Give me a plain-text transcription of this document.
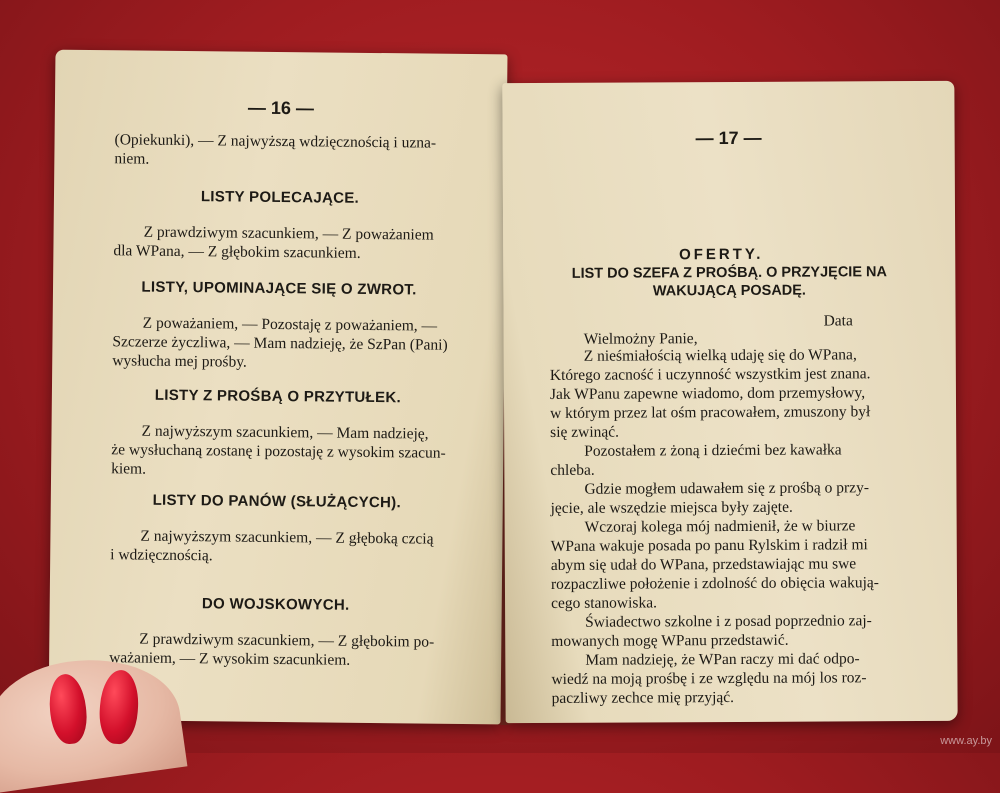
— 16 —
(Opiekunki), — Z najwyższą wdzięcznością i uzna-
niem.
LISTY POLECAJĄCE.
Z prawdziwym szacunkiem, — Z poważaniem
dla WPana, — Z głębokim szacunkiem.
LISTY, UPOMINAJĄCE SIĘ O ZWROT.
Z poważaniem, — Pozostaję z poważaniem, —
Szczerze życzliwa, — Mam nadzieję, że SzPan (Pani)
wysłucha mej prośby.
LISTY Z PROŚBĄ O PRZYTUŁEK.
Z najwyższym szacunkiem, — Mam nadzieję,
że wysłuchaną zostanę i pozostaję z wysokim szacun-
kiem.
LISTY DO PANÓW (SŁUŻĄCYCH).
Z najwyższym szacunkiem, — Z głęboką czcią
i wdzięcznością.
DO WOJSKOWYCH.
Z prawdziwym szacunkiem, — Z głębokim po-
ważaniem, — Z wysokim szacunkiem.
— 17 —
OFERTY.
LIST DO SZEFA Z PROŚBĄ. O PRZYJĘCIE NA
WAKUJĄCĄ POSADĘ.
Data
Wielmożny Panie,
Z nieśmiałością wielką udaję się do WPana,
Którego zacność i uczynność wszystkim jest znana.
Jak WPanu zapewne wiadomo, dom przemysłowy,
w którym przez lat ośm pracowałem, zmuszony był
się zwinąć.
Pozostałem z żoną i dziećmi bez kawałka
chleba.
Gdzie mogłem udawałem się z prośbą o przy-
jęcie, ale wszędzie miejsca były zajęte.
Wczoraj kolega mój nadmienił, że w biurze
WPana wakuje posada po panu Rylskim i radził mi
abym się udał do WPana, przedstawiając mu swe
rozpaczliwe położenie i zdolność do obięcia wakują-
cego stanowiska.
Świadectwo szkolne i z posad poprzednio zaj-
mowanych mogę WPanu przedstawić.
Mam nadzieję, że WPan raczy mi dać odpo-
wiedź na moją prośbę i ze względu na mój los roz-
paczliwy zechce mię przyjąć.
www.ay.by
